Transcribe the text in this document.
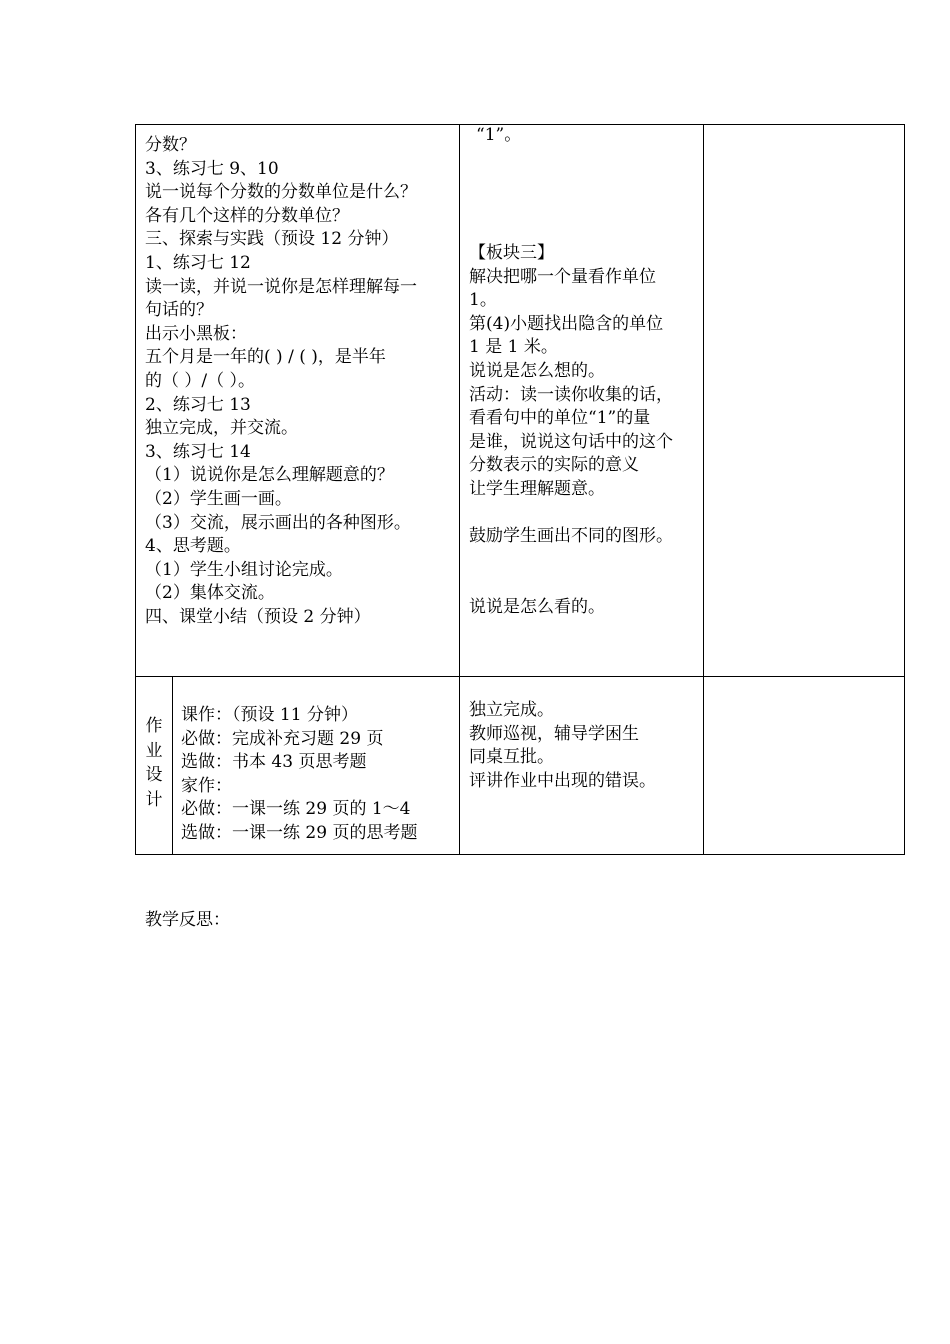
分数？
3、练习七 9、10
说一说每个分数的分数单位是什么？
各有几个这样的分数单位？
三、探索与实践（预设 12 分钟）
1、练习七 12
读一读，并说一说你是怎样理解每一
句话的？
出示小黑板：
五个月是一年的( ) / ( )，是半年
的（ ）/（ ）。
2、练习七 13
独立完成，并交流。
3、练习七 14
（1）说说你是怎么理解题意的？
（2）学生画一画。
（3）交流，展示画出的各种图形。
4、思考题。
（1）学生小组讨论完成。
（2）集体交流。
四、课堂小结（预设 2 分钟）
“1”。
【板块三】
解决把哪一个量看作单位
1。
第(4)小题找出隐含的单位
1 是 1 米。
说说是怎么想的。
活动：读一读你收集的话，
看看句中的单位“1”的量
是谁，说说这句话中的这个
分数表示的实际的意义
让学生理解题意。
鼓励学生画出不同的图形。
说说是怎么看的。
作
业
设
计
课作：（预设 11 分钟）
必做：完成补充习题 29 页
选做：书本 43 页思考题
家作：
必做：一课一练 29 页的 1～4
选做：一课一练 29 页的思考题
独立完成。
教师巡视，辅导学困生
同桌互批。
评讲作业中出现的错误。
教学反思：
